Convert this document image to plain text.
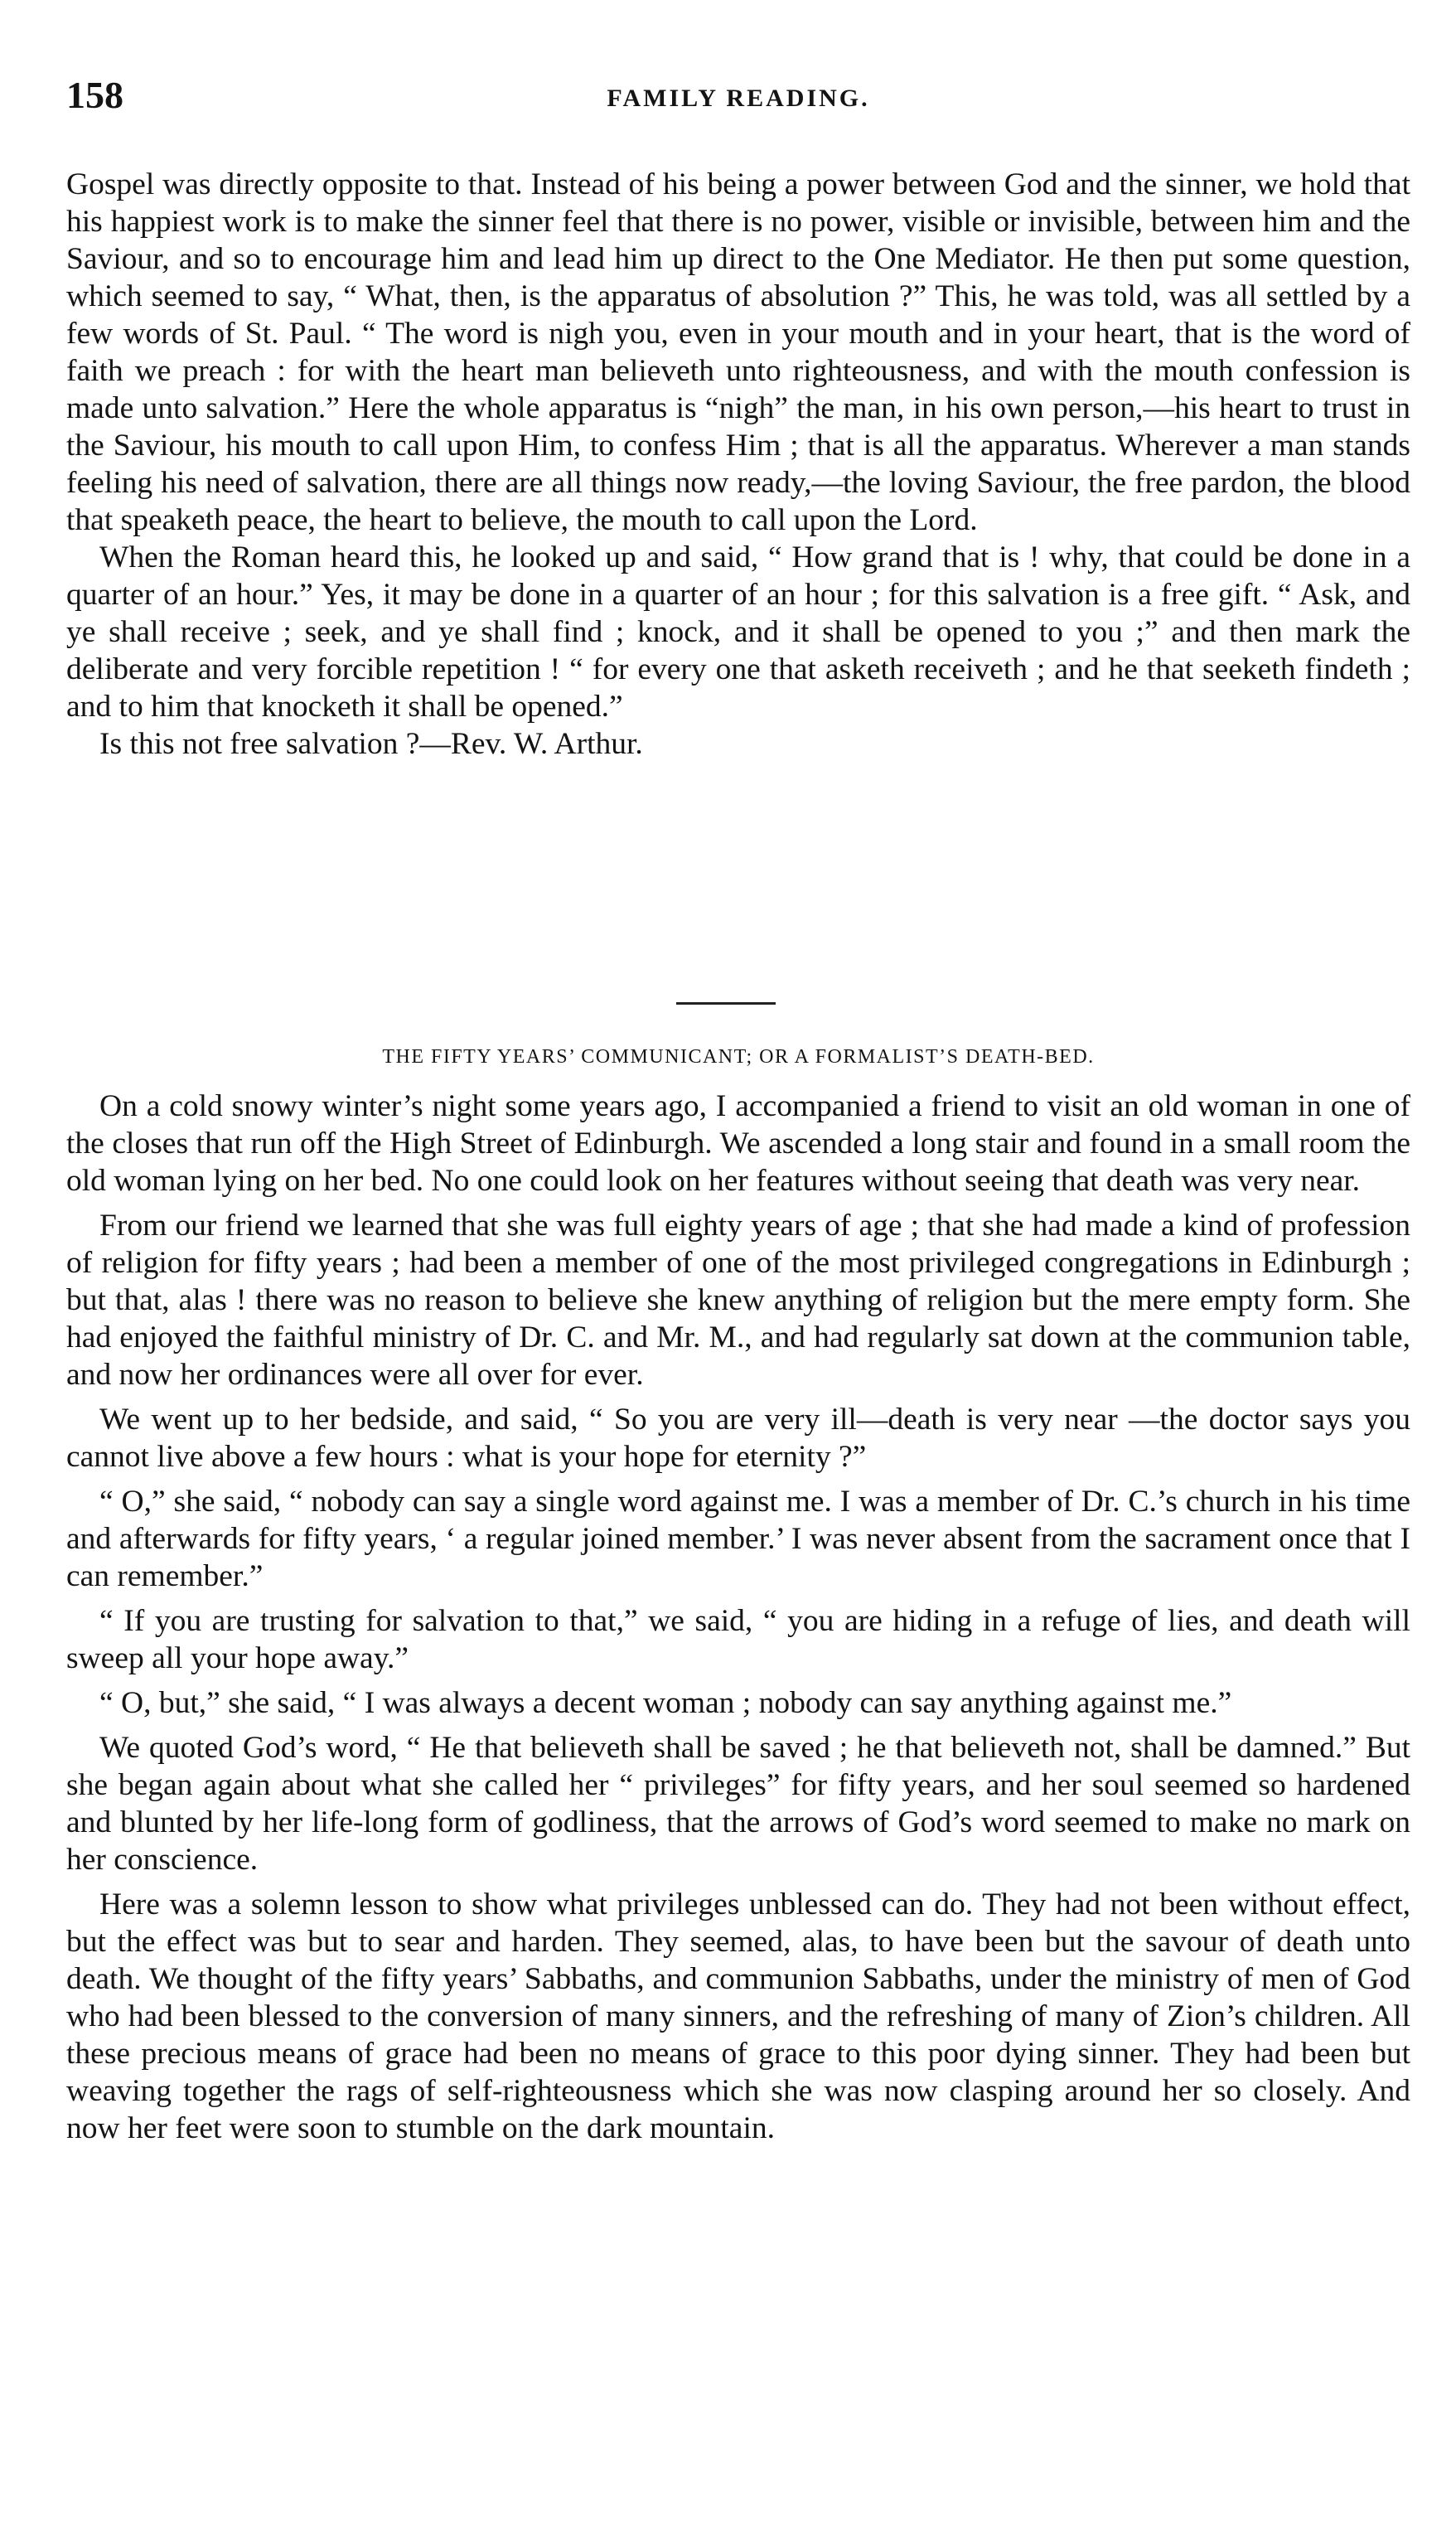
158	FAMILY READING.

Gospel was directly opposite to that. Instead of his being a power between God and the sinner, we hold that his happiest work is to make the sinner feel that there is no power, visible or invisible, between him and the Saviour, and so to encourage him and lead him up direct to the One Mediator. He then put some question, which seemed to say, “ What, then, is the apparatus of absolution ?” This, he was told, was all settled by a few words of St. Paul. “ The word is nigh you, even in your mouth and in your heart, that is the word of faith we preach : for with the heart man believeth unto righteousness, and with the mouth confession is made unto salvation.” Here the whole apparatus is “nigh” the man, in his own person,—his heart to trust in the Saviour, his mouth to call upon Him, to confess Him ; that is all the apparatus. Wherever a man stands feeling his need of salvation, there are all things now ready,—the loving Saviour, the free pardon, the blood that speaketh peace, the heart to believe, the mouth to call upon the Lord.

When the Roman heard this, he looked up and said, “ How grand that is ! why, that could be done in a quarter of an hour.” Yes, it may be done in a quarter of an hour ; for this salvation is a free gift. “ Ask, and ye shall receive ; seek, and ye shall find ; knock, and it shall be opened to you ;” and then mark the deliberate and very forcible repetition ! “ for every one that asketh receiveth ; and he that seeketh findeth ; and to him that knocketh it shall be opened.”

Is this not free salvation ?—Rev. W. Arthur.

THE FIFTY YEARS’ COMMUNICANT; OR A FORMALIST’S DEATH-BED.

On a cold snowy winter’s night some years ago, I accompanied a friend to visit an old woman in one of the closes that run off the High Street of Edinburgh. We ascended a long stair and found in a small room the old woman lying on her bed. No one could look on her features without seeing that death was very near.

From our friend we learned that she was full eighty years of age ; that she had made a kind of profession of religion for fifty years ; had been a member of one of the most privileged congregations in Edinburgh ; but that, alas ! there was no reason to believe she knew anything of religion but the mere empty form. She had enjoyed the faithful ministry of Dr. C. and Mr. M., and had regularly sat down at the communion table, and now her ordinances were all over for ever.

We went up to her bedside, and said, “ So you are very ill—death is very near —the doctor says you cannot live above a few hours : what is your hope for eternity ?”

“ O,” she said, “ nobody can say a single word against me. I was a member of Dr. C.’s church in his time and afterwards for fifty years, ‘ a regular joined member.’ I was never absent from the sacrament once that I can remember.”

“ If you are trusting for salvation to that,” we said, “ you are hiding in a refuge of lies, and death will sweep all your hope away.”

“ O, but,” she said, “ I was always a decent woman ; nobody can say anything against me.”

We quoted God’s word, “ He that believeth shall be saved ; he that believeth not, shall be damned.” But she began again about what she called her “ privileges” for fifty years, and her soul seemed so hardened and blunted by her life-long form of godliness, that the arrows of God’s word seemed to make no mark on her conscience.

Here was a solemn lesson to show what privileges unblessed can do. They had not been without effect, but the effect was but to sear and harden. They seemed, alas, to have been but the savour of death unto death. We thought of the fifty years’ Sabbaths, and communion Sabbaths, under the ministry of men of God who had been blessed to the conversion of many sinners, and the refreshing of many of Zion’s children. All these precious means of grace had been no means of grace to this poor dying sinner. They had been but weaving together the rags of self-righteousness which she was now clasping around her so closely. And now her feet were soon to stumble on the dark mountain.
